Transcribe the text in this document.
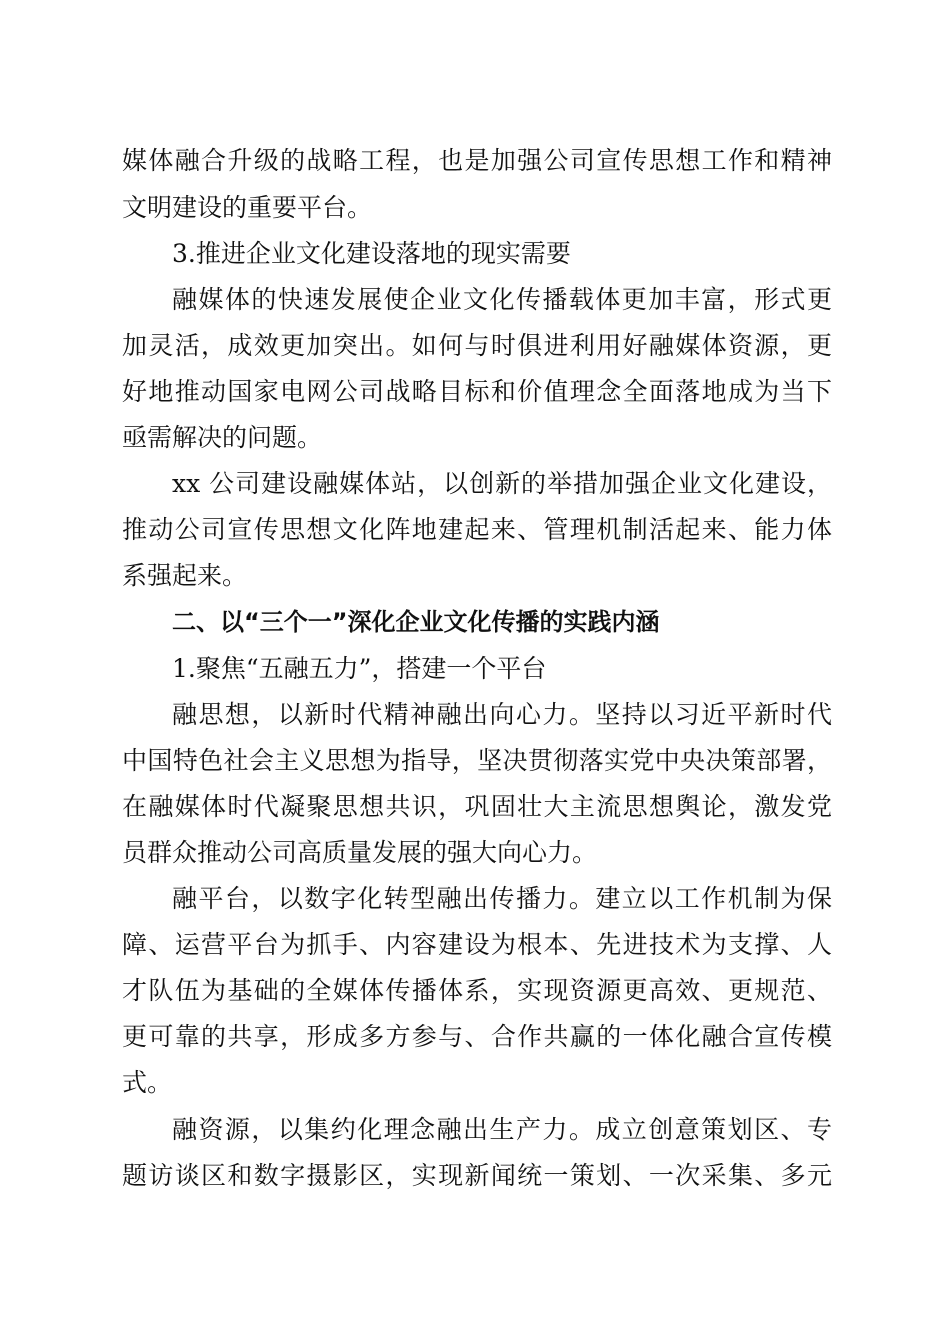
媒体融合升级的战略工程，也是加强公司宣传思想工作和精神
文明建设的重要平台。
3.推进企业文化建设落地的现实需要
融媒体的快速发展使企业文化传播载体更加丰富，形式更
加灵活，成效更加突出。如何与时俱进利用好融媒体资源，更
好地推动国家电网公司战略目标和价值理念全面落地成为当下
亟需解决的问题。
xx 公司建设融媒体站，以创新的举措加强企业文化建设，
推动公司宣传思想文化阵地建起来、管理机制活起来、能力体
系强起来。
二、以“三个一”深化企业文化传播的实践内涵
1.聚焦“五融五力”，搭建一个平台
融思想，以新时代精神融出向心力。坚持以习近平新时代
中国特色社会主义思想为指导，坚决贯彻落实党中央决策部署，
在融媒体时代凝聚思想共识，巩固壮大主流思想舆论，激发党
员群众推动公司高质量发展的强大向心力。
融平台，以数字化转型融出传播力。建立以工作机制为保
障、运营平台为抓手、内容建设为根本、先进技术为支撑、人
才队伍为基础的全媒体传播体系，实现资源更高效、更规范、
更可靠的共享，形成多方参与、合作共赢的一体化融合宣传模
式。
融资源，以集约化理念融出生产力。成立创意策划区、专
题访谈区和数字摄影区，实现新闻统一策划、一次采集、多元
